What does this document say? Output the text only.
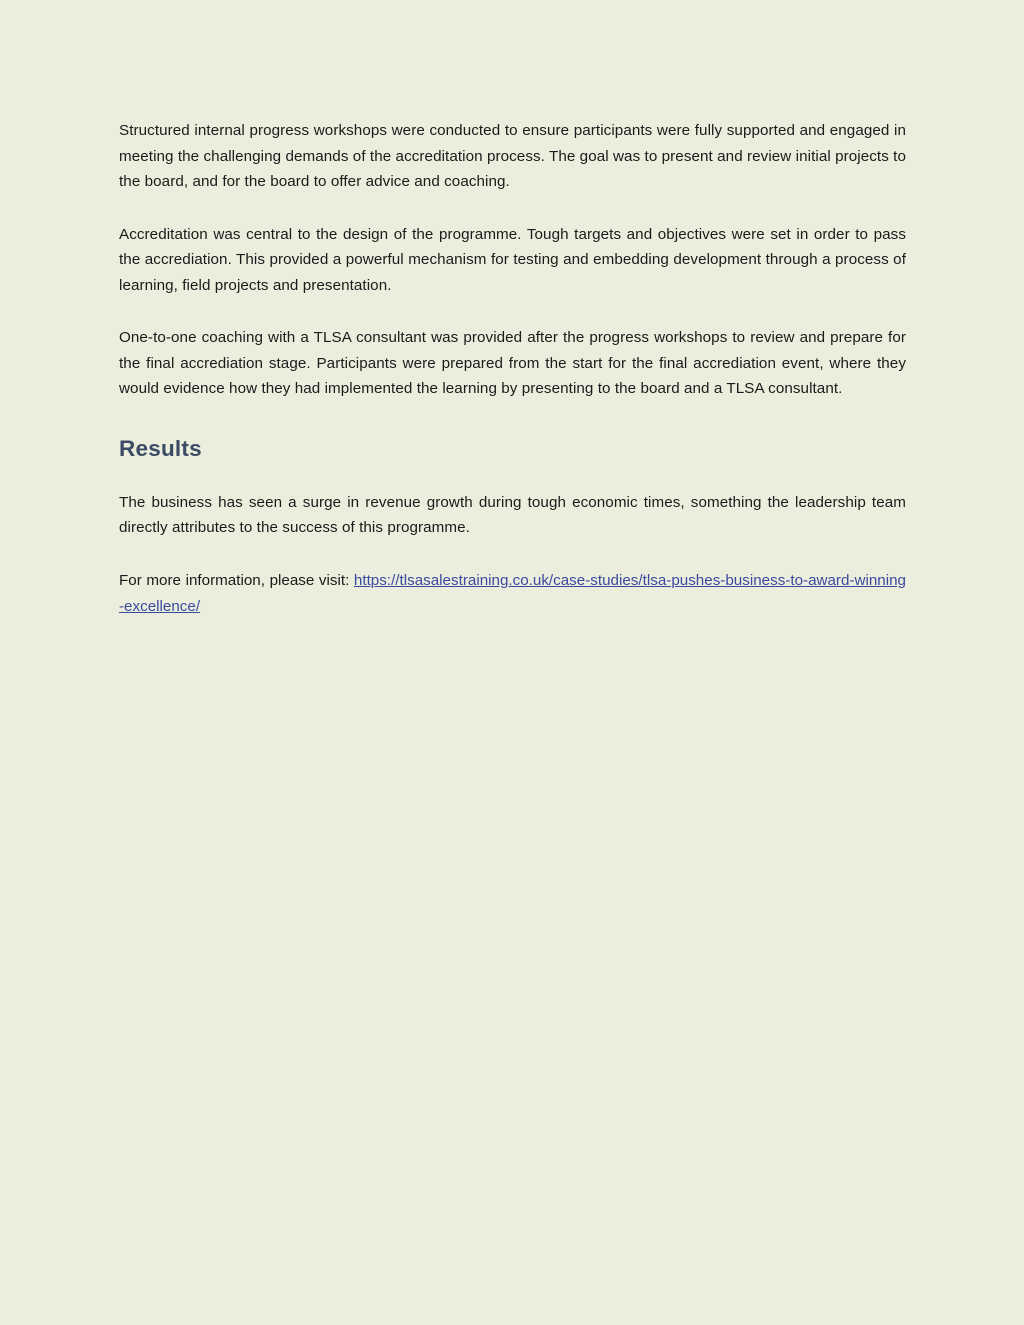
Structured internal progress workshops were conducted to ensure participants were fully supported and engaged in meeting the challenging demands of the accreditation process. The goal was to present and review initial projects to the board, and for the board to offer advice and coaching.

Accreditation was central to the design of the programme. Tough targets and objectives were set in order to pass the accrediation. This provided a powerful mechanism for testing and embedding development through a process of learning, field projects and presentation.

One-to-one coaching with a TLSA consultant was provided after the progress workshops to review and prepare for the final accrediation stage. Participants were prepared from the start for the final accrediation event, where they would evidence how they had implemented the learning by presenting to the board and a TLSA consultant.

Results

The business has seen a surge in revenue growth during tough economic times, something the leadership team directly attributes to the success of this programme.

For more information, please visit: https://tlsasalestraining.co.uk/case-studies/tlsa-pushes-business-to-award-winning-excellence/
